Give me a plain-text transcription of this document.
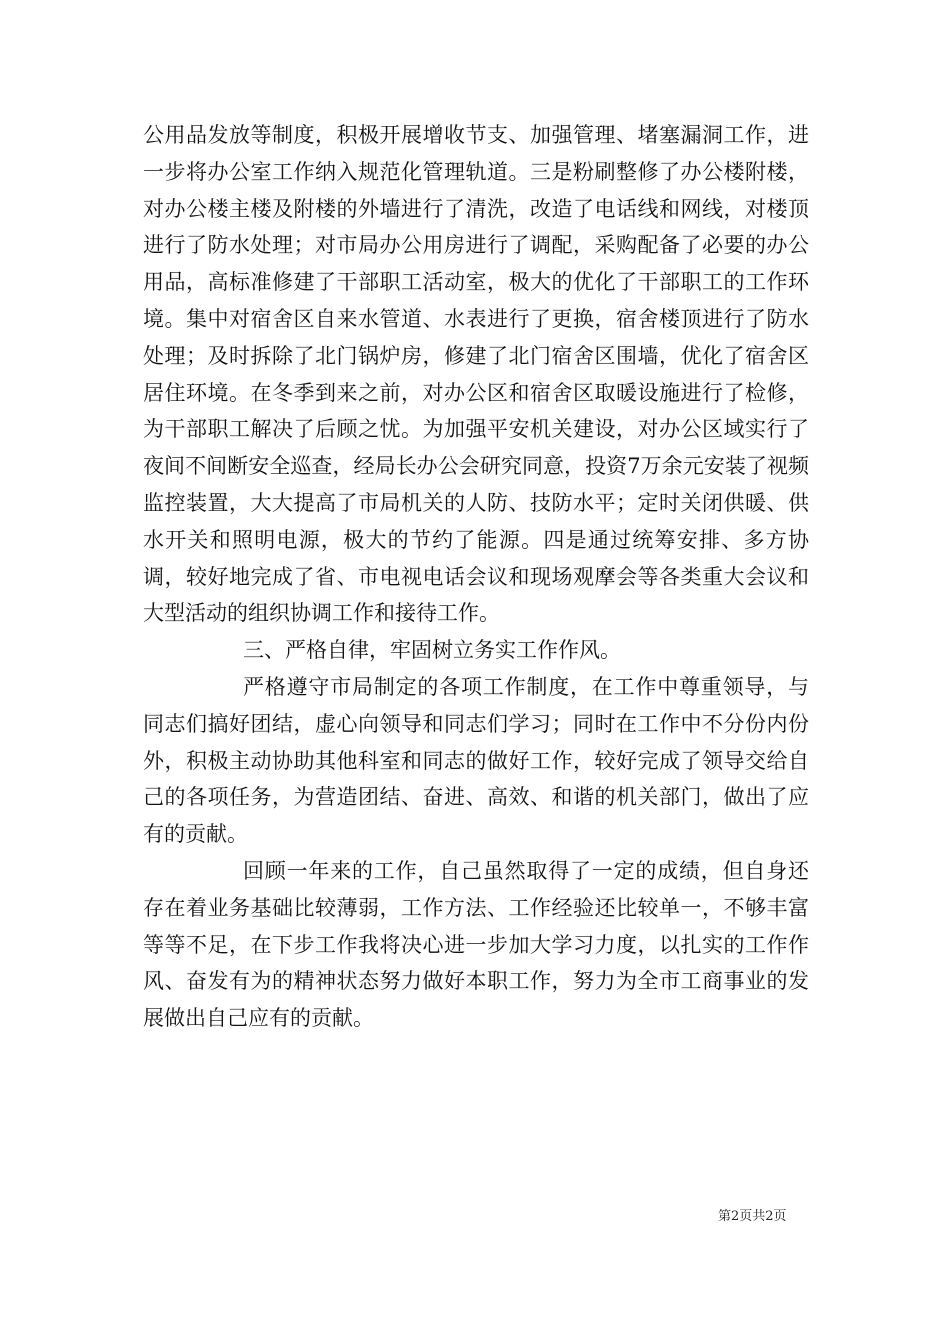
公用品发放等制度，积极开展增收节支、加强管理、堵塞漏洞工作，进一步将办公室工作纳入规范化管理轨道。三是粉刷整修了办公楼附楼，对办公楼主楼及附楼的外墙进行了清洗，改造了电话线和网线，对楼顶进行了防水处理；对市局办公用房进行了调配，采购配备了必要的办公用品，高标准修建了干部职工活动室，极大的优化了干部职工的工作环境。集中对宿舍区自来水管道、水表进行了更换，宿舍楼顶进行了防水处理；及时拆除了北门锅炉房，修建了北门宿舍区围墙，优化了宿舍区居住环境。在冬季到来之前，对办公区和宿舍区取暖设施进行了检修，为干部职工解决了后顾之忧。为加强平安机关建设，对办公区域实行了夜间不间断安全巡查，经局长办公会研究同意，投资7万余元安装了视频监控装置，大大提高了市局机关的人防、技防水平；定时关闭供暖、供水开关和照明电源，极大的节约了能源。四是通过统筹安排、多方协调，较好地完成了省、市电视电话会议和现场观摩会等各类重大会议和大型活动的组织协调工作和接待工作。

三、严格自律，牢固树立务实工作作风。

严格遵守市局制定的各项工作制度，在工作中尊重领导，与同志们搞好团结，虚心向领导和同志们学习；同时在工作中不分份内份外，积极主动协助其他科室和同志的做好工作，较好完成了领导交给自己的各项任务，为营造团结、奋进、高效、和谐的机关部门，做出了应有的贡献。

回顾一年来的工作，自己虽然取得了一定的成绩，但自身还存在着业务基础比较薄弱，工作方法、工作经验还比较单一，不够丰富等等不足，在下步工作我将决心进一步加大学习力度，以扎实的工作作风、奋发有为的精神状态努力做好本职工作，努力为全市工商事业的发展做出自己应有的贡献。

第2页共2页
